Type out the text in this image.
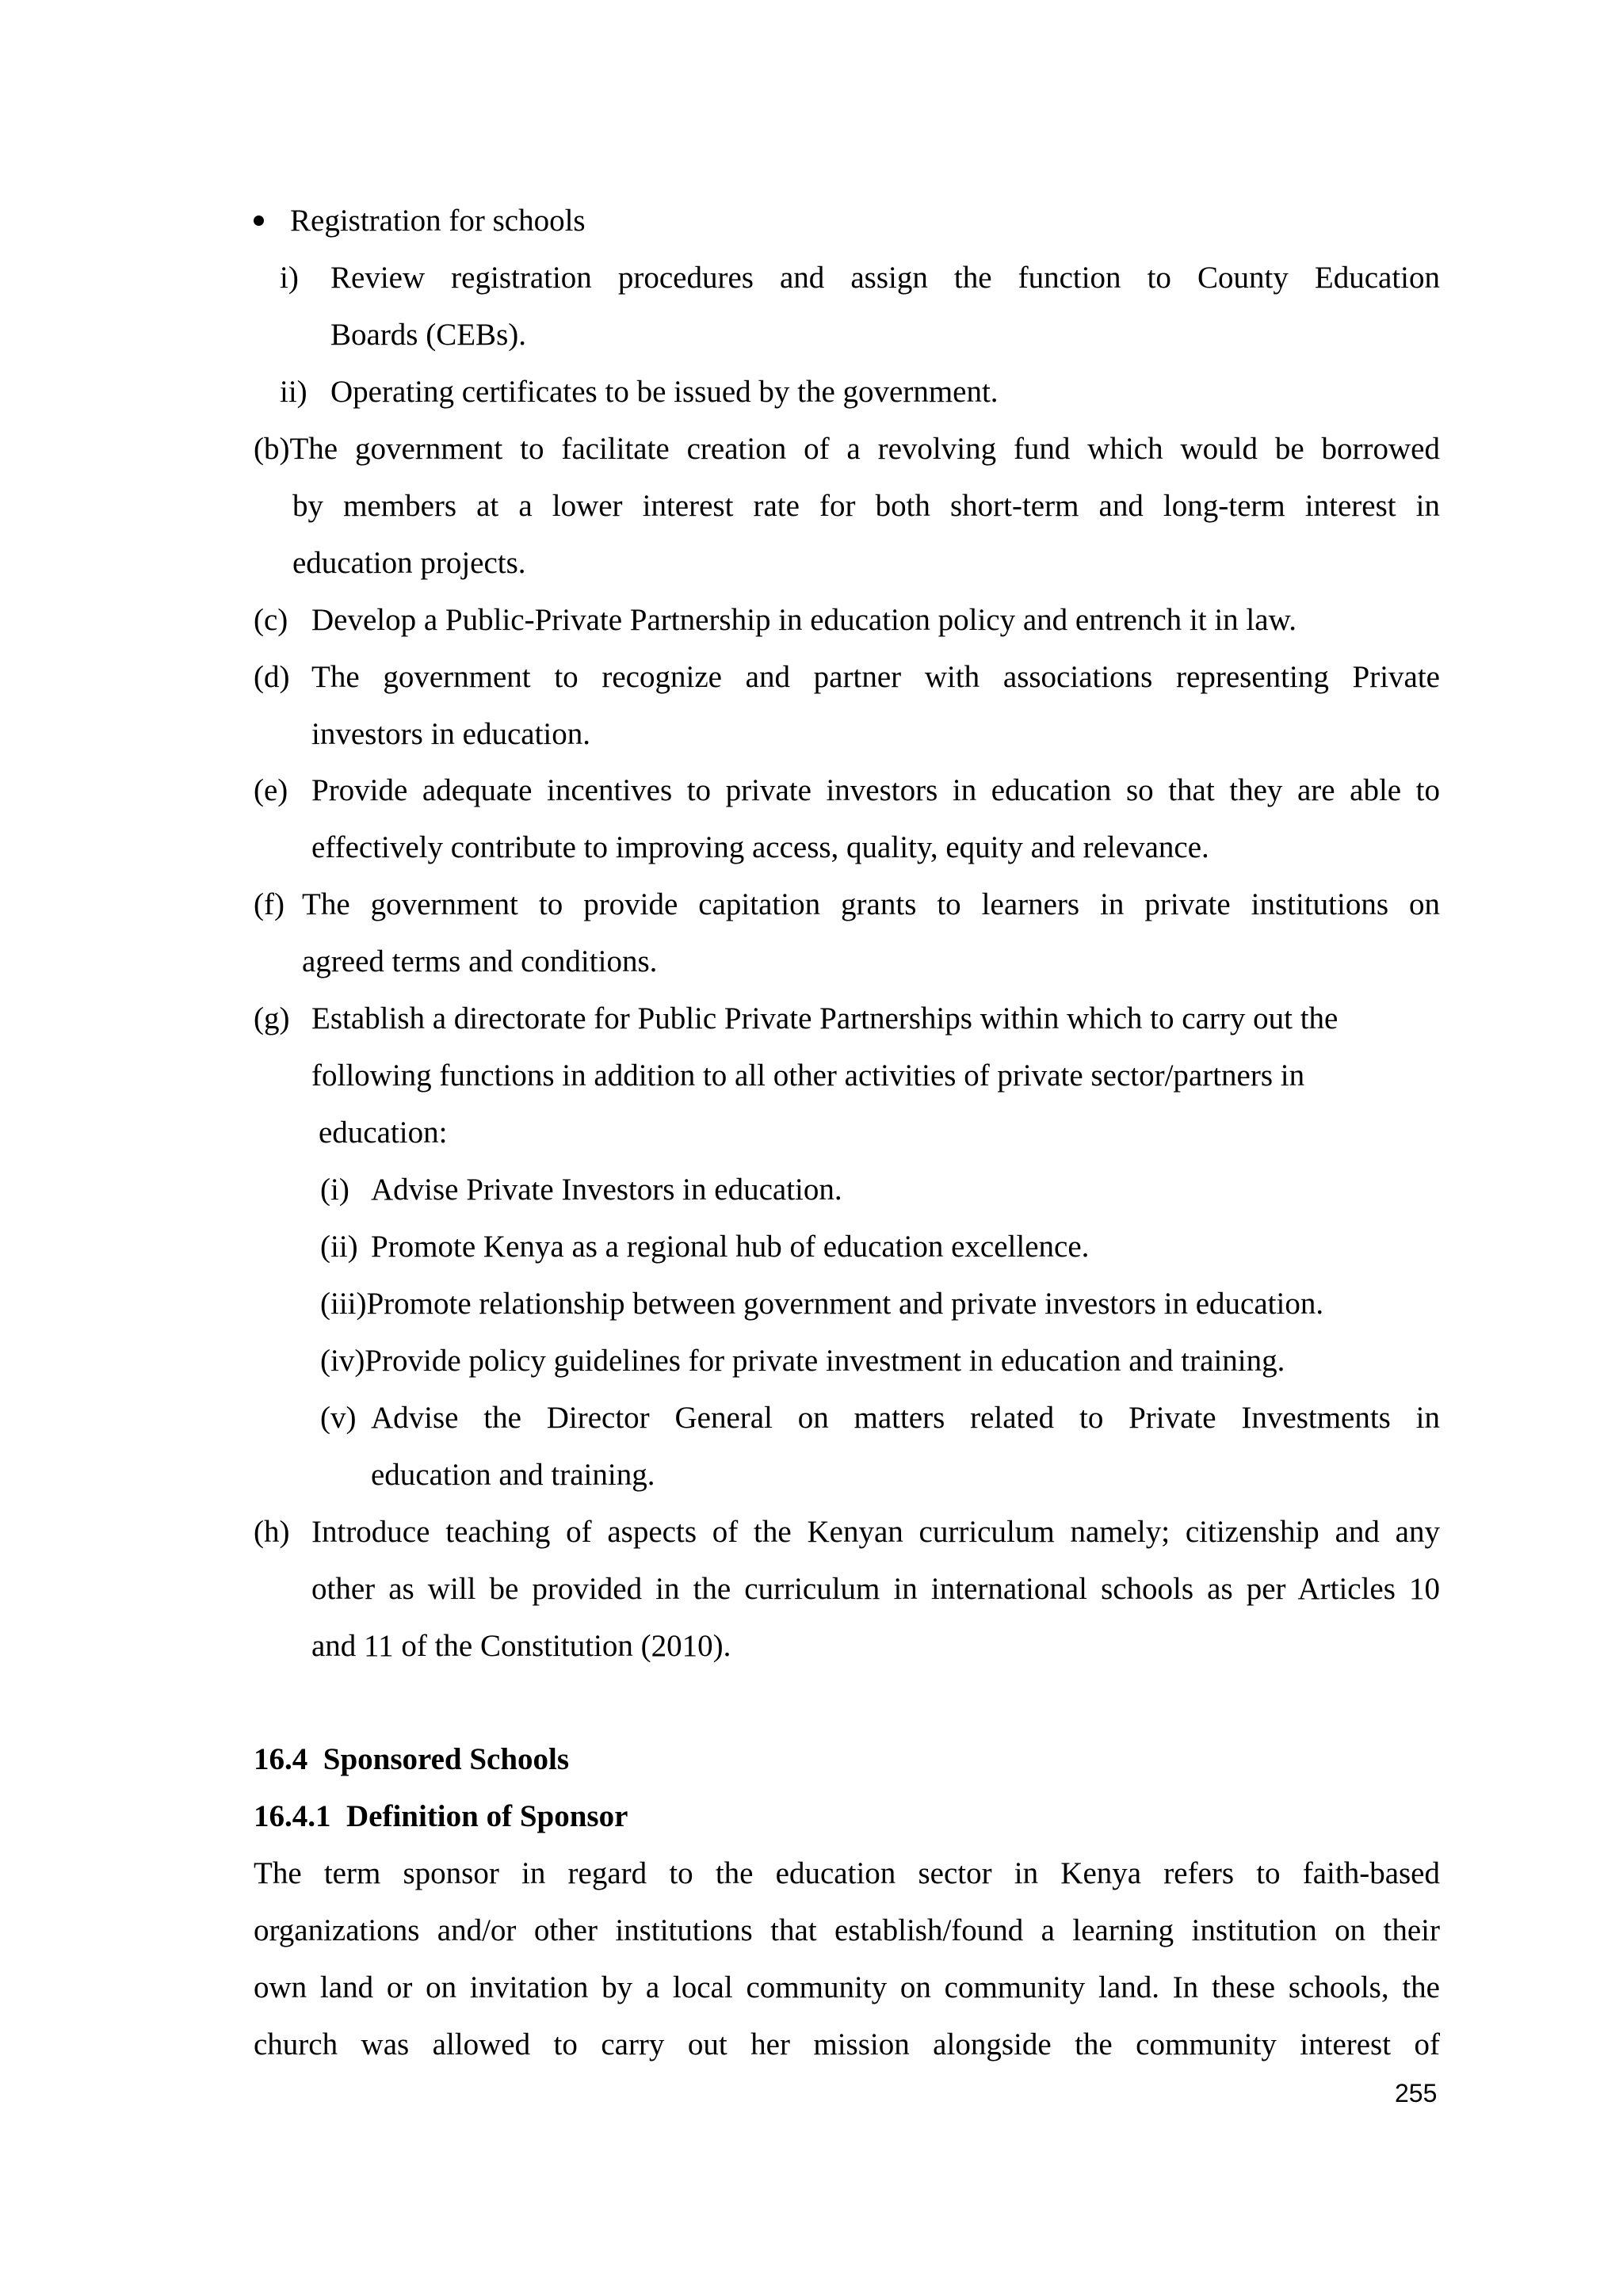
Registration for schools
i) Review registration procedures and assign the function to County Education
Boards (CEBs).
ii) Operating certificates to be issued by the government.
(b)The government to facilitate creation of a revolving fund which would be borrowed
by members at a lower interest rate for both short-term and long-term interest in
education projects.
(c) Develop a Public-Private Partnership in education policy and entrench it in law.
(d) The government to recognize and partner with associations representing Private
investors in education.
(e) Provide adequate incentives to private investors in education so that they are able to
effectively contribute to improving access, quality, equity and relevance.
(f) The government to provide capitation grants to learners in private institutions on
agreed terms and conditions.
(g) Establish a directorate for Public Private Partnerships within which to carry out the
following functions in addition to all other activities of private sector/partners in
education:
(i) Advise Private Investors in education.
(ii) Promote Kenya as a regional hub of education excellence.
(iii)Promote relationship between government and private investors in education.
(iv)Provide policy guidelines for private investment in education and training.
(v) Advise the Director General on matters related to Private Investments in
education and training.
(h) Introduce teaching of aspects of the Kenyan curriculum namely; citizenship and any
other as will be provided in the curriculum in international schools as per Articles 10
and 11 of the Constitution (2010).
16.4  Sponsored Schools
16.4.1  Definition of Sponsor
The term sponsor in regard to the education sector in Kenya refers to faith-based
organizations and/or other institutions that establish/found a learning institution on their
own land or on invitation by a local community on community land. In these schools, the
church was allowed to carry out her mission alongside the community interest of
255
